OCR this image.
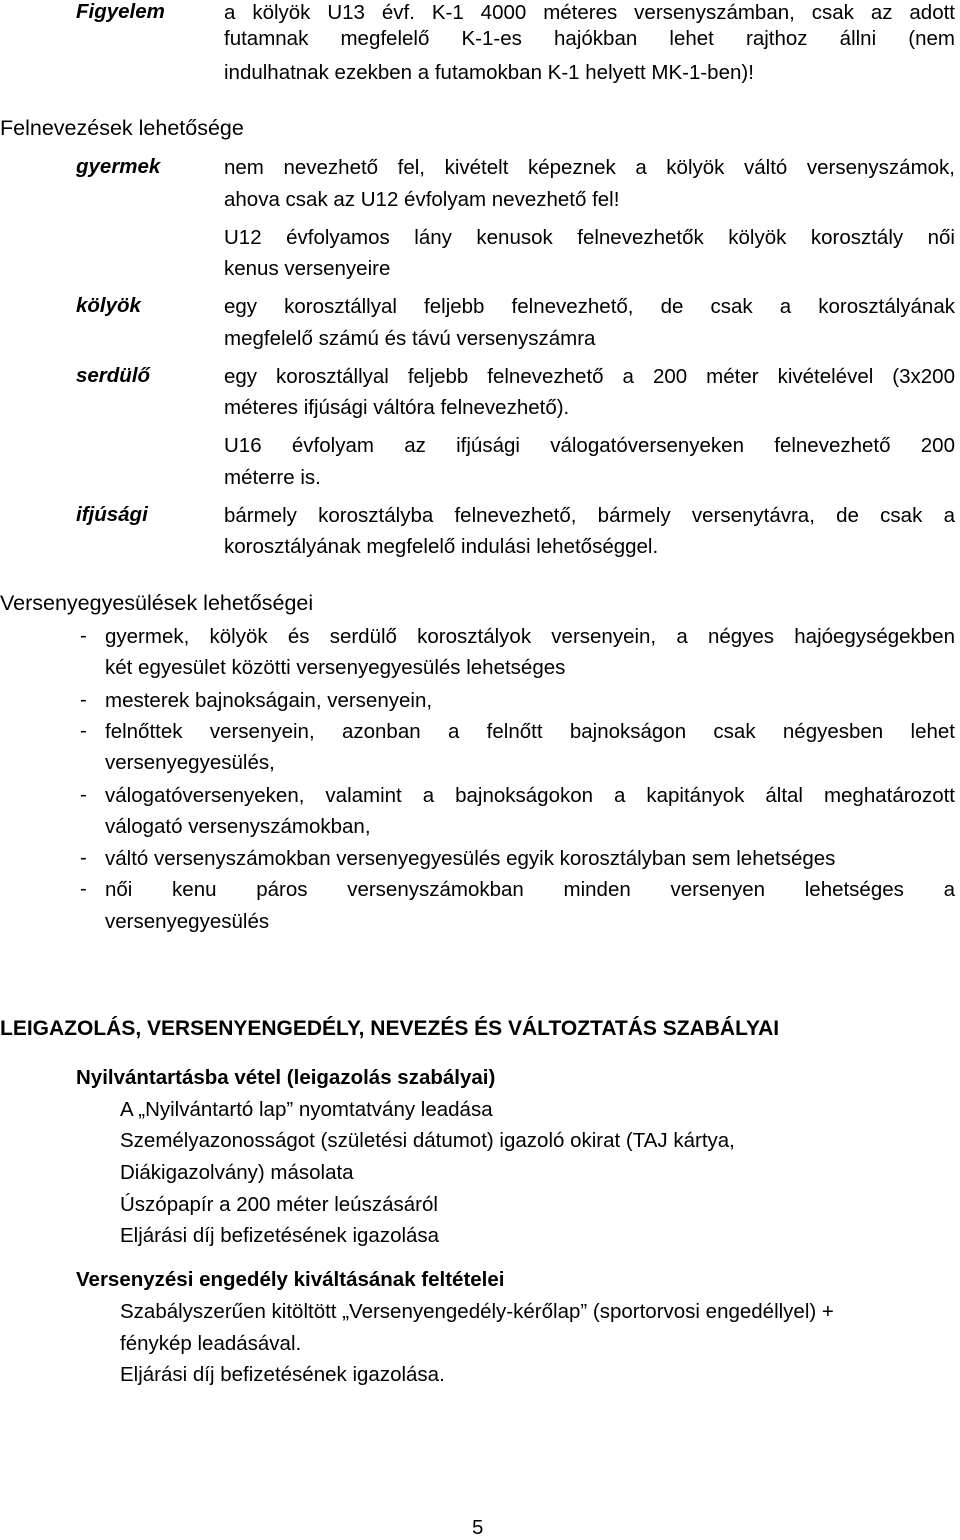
Figyelem	a kölyök U13 évf. K-1 4000 méteres versenyszámban, csak az adott
futamnak megfelelő K-1-es hajókban lehet rajthoz állni (nem
indulhatnak ezekben a futamokban K-1 helyett MK-1-ben)!
Felnevezések lehetősége
gyermek	nem nevezhető fel, kivételt képeznek a kölyök váltó versenyszámok,
ahova csak az U12 évfolyam nevezhető fel!
U12 évfolyamos lány kenusok felnevezhetők kölyök korosztály női
kenus versenyeire
kölyök	egy korosztállyal feljebb felnevezhető, de csak a korosztályának
megfelelő számú és távú versenyszámra
serdülő	egy korosztállyal feljebb felnevezhető a 200 méter kivételével (3x200
méteres ifjúsági váltóra felnevezhető).
U16 évfolyam az ifjúsági válogatóversenyeken felnevezhető 200
méterre is.
ifjúsági	bármely korosztályba felnevezhető, bármely versenytávra, de csak a
korosztályának megfelelő indulási lehetőséggel.
Versenyegyesülések lehetőségei
- gyermek, kölyök és serdülő korosztályok versenyein, a négyes hajóegységekben
két egyesület közötti versenyegyesülés lehetséges
- mesterek bajnokságain, versenyein,
- felnőttek versenyein, azonban a felnőtt bajnokságon csak négyesben lehet
versenyegyesülés,
- válogatóversenyeken, valamint a bajnokságokon a kapitányok által meghatározott
válogató versenyszámokban,
- váltó versenyszámokban versenyegyesülés egyik korosztályban sem lehetséges
- női kenu páros versenyszámokban minden versenyen lehetséges a
versenyegyesülés
LEIGAZOLÁS, VERSENYENGEDÉLY, NEVEZÉS ÉS VÁLTOZTATÁS SZABÁLYAI
Nyilvántartásba vétel (leigazolás szabályai)
A „Nyilvántartó lap” nyomtatvány leadása
Személyazonosságot (születési dátumot) igazoló okirat (TAJ kártya,
Diákigazolvány) másolata
Úszópapír a 200 méter leúszásáról
Eljárási díj befizetésének igazolása
Versenyzési engedély kiváltásának feltételei
Szabályszerűen kitöltött „Versenyengedély-kérőlap” (sportorvosi engedéllyel) +
fénykép leadásával.
Eljárási díj befizetésének igazolása.
5
